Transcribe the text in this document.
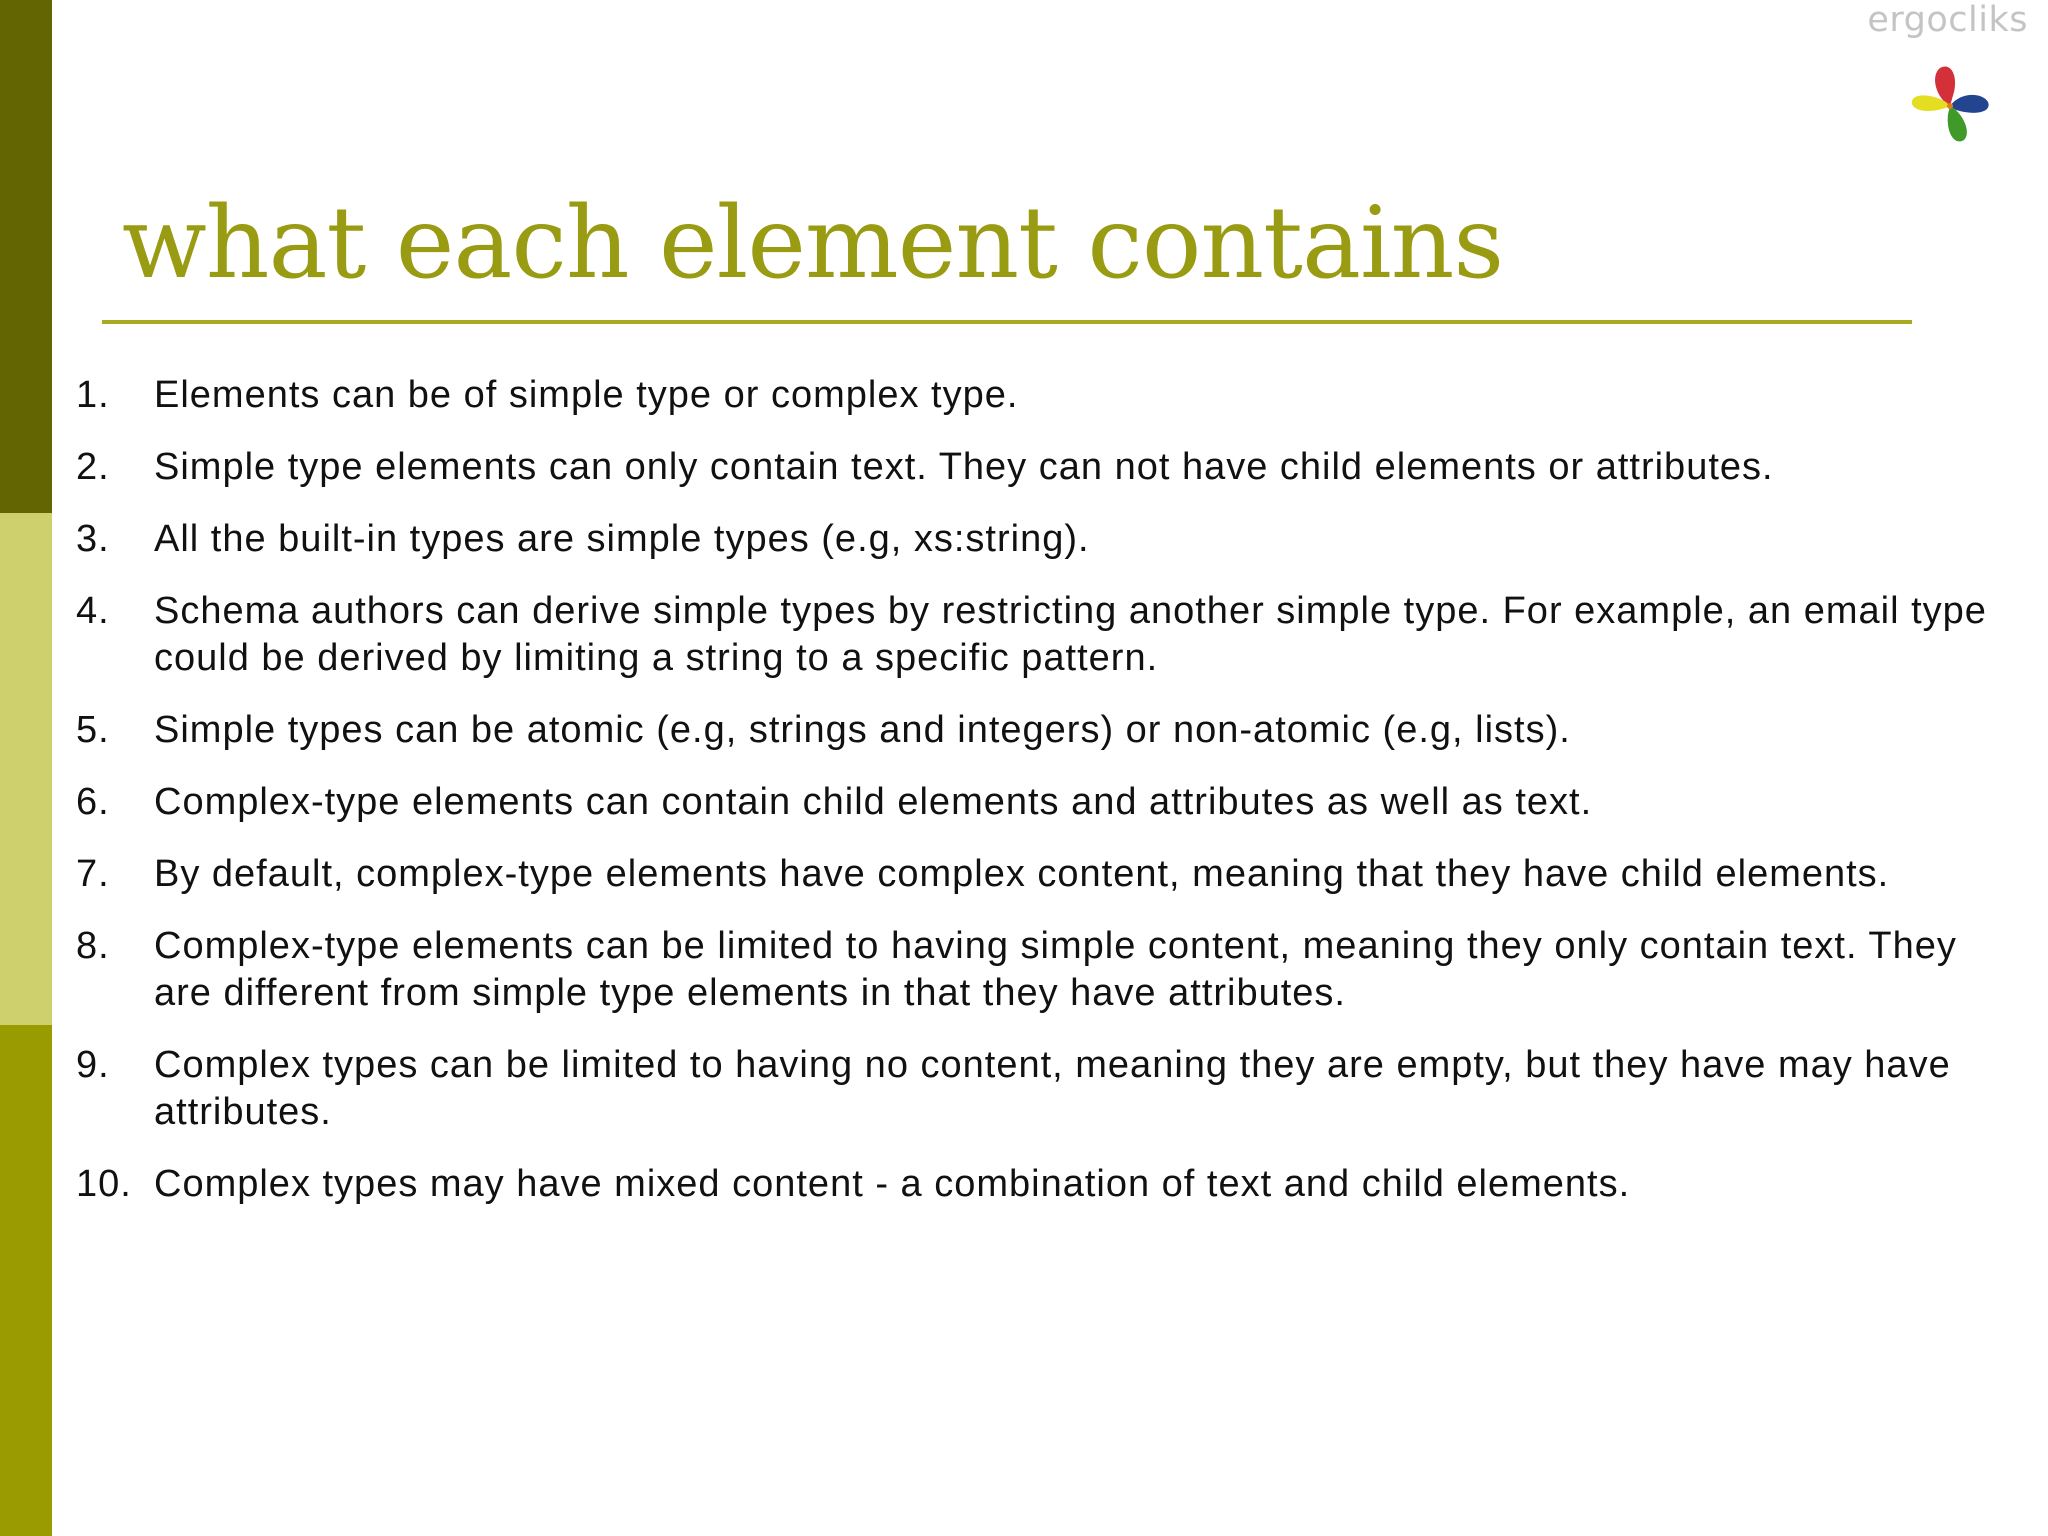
ergocliks
what each element contains
1.	Elements can be of simple type or complex type.
2.	Simple type elements can only contain text. They can not have child elements or attributes.
3.	All the built-in types are simple types (e.g, xs:string).
4.	Schema authors can derive simple types by restricting another simple type. For example, an email type could be derived by limiting a string to a specific pattern.
5.	Simple types can be atomic (e.g, strings and integers) or non-atomic (e.g, lists).
6.	Complex-type elements can contain child elements and attributes as well as text.
7.	By default, complex-type elements have complex content, meaning that they have child elements.
8.	Complex-type elements can be limited to having simple content, meaning they only contain text. They are different from simple type elements in that they have attributes.
9.	Complex types can be limited to having no content, meaning they are empty, but they have may have attributes.
10. Complex types may have mixed content - a combination of text and child elements.
